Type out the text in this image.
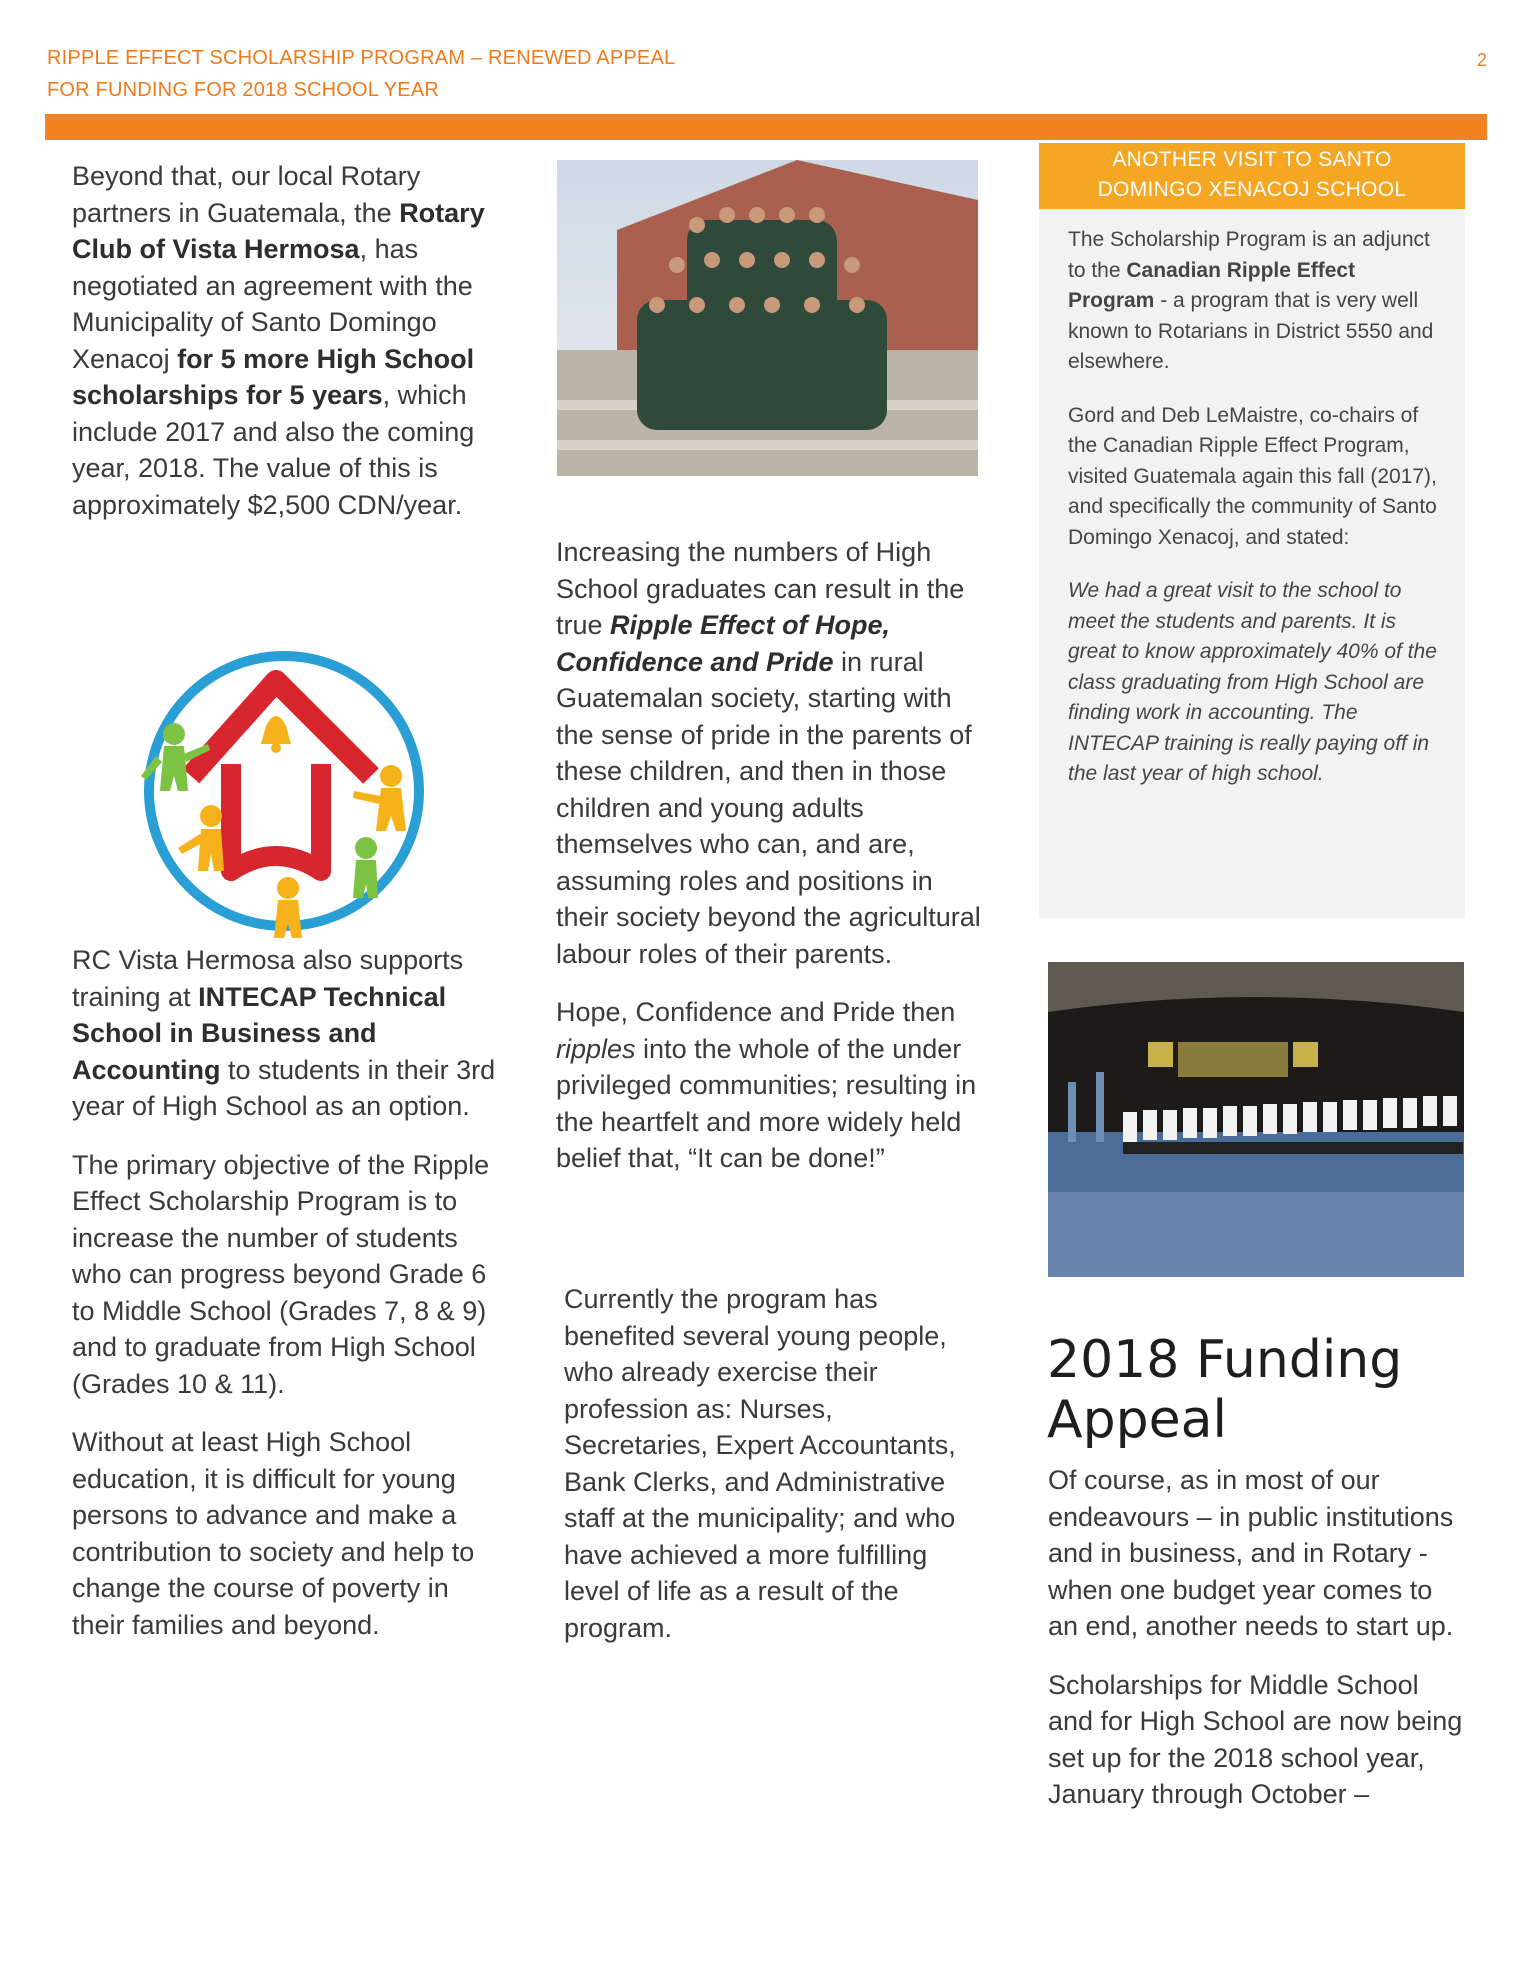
RIPPLE EFFECT SCHOLARSHIP PROGRAM – RENEWED APPEAL
FOR FUNDING FOR 2018 SCHOOL YEAR
2

Beyond that, our local Rotary partners in Guatemala, the Rotary Club of Vista Hermosa, has negotiated an agreement with the Municipality of Santo Domingo Xenacoj for 5 more High School scholarships for 5 years, which include 2017 and also the coming year, 2018. The value of this is approximately $2,500 CDN/year.

RC Vista Hermosa also supports training at INTECAP Technical School in Business and Accounting to students in their 3rd year of High School as an option.

The primary objective of the Ripple Effect Scholarship Program is to increase the number of students who can progress beyond Grade 6 to Middle School (Grades 7, 8 & 9) and to graduate from High School (Grades 10 & 11).

Without at least High School education, it is difficult for young persons to advance and make a contribution to society and help to change the course of poverty in their families and beyond.

Increasing the numbers of High School graduates can result in the true Ripple Effect of Hope, Confidence and Pride in rural Guatemalan society, starting with the sense of pride in the parents of these children, and then in those children and young adults themselves who can, and are, assuming roles and positions in their society beyond the agricultural labour roles of their parents.

Hope, Confidence and Pride then ripples into the whole of the under privileged communities; resulting in the heartfelt and more widely held belief that, “It can be done!”

Currently the program has benefited several young people, who already exercise their profession as: Nurses, Secretaries, Expert Accountants, Bank Clerks, and Administrative staff at the municipality; and who have achieved a more fulfilling level of life as a result of the program.

ANOTHER VISIT TO SANTO
DOMINGO XENACOJ SCHOOL

The Scholarship Program is an adjunct to the Canadian Ripple Effect Program - a program that is very well known to Rotarians in District 5550 and elsewhere.

Gord and Deb LeMaistre, co-chairs of the Canadian Ripple Effect Program, visited Guatemala again this fall (2017), and specifically the community of Santo Domingo Xenacoj, and stated:

We had a great visit to the school to meet the students and parents. It is great to know approximately 40% of the class graduating from High School are finding work in accounting. The INTECAP training is really paying off in the last year of high school.

2018 Funding Appeal

Of course, as in most of our endeavours – in public institutions and in business, and in Rotary - when one budget year comes to an end, another needs to start up.

Scholarships for Middle School and for High School are now being set up for the 2018 school year, January through October –
